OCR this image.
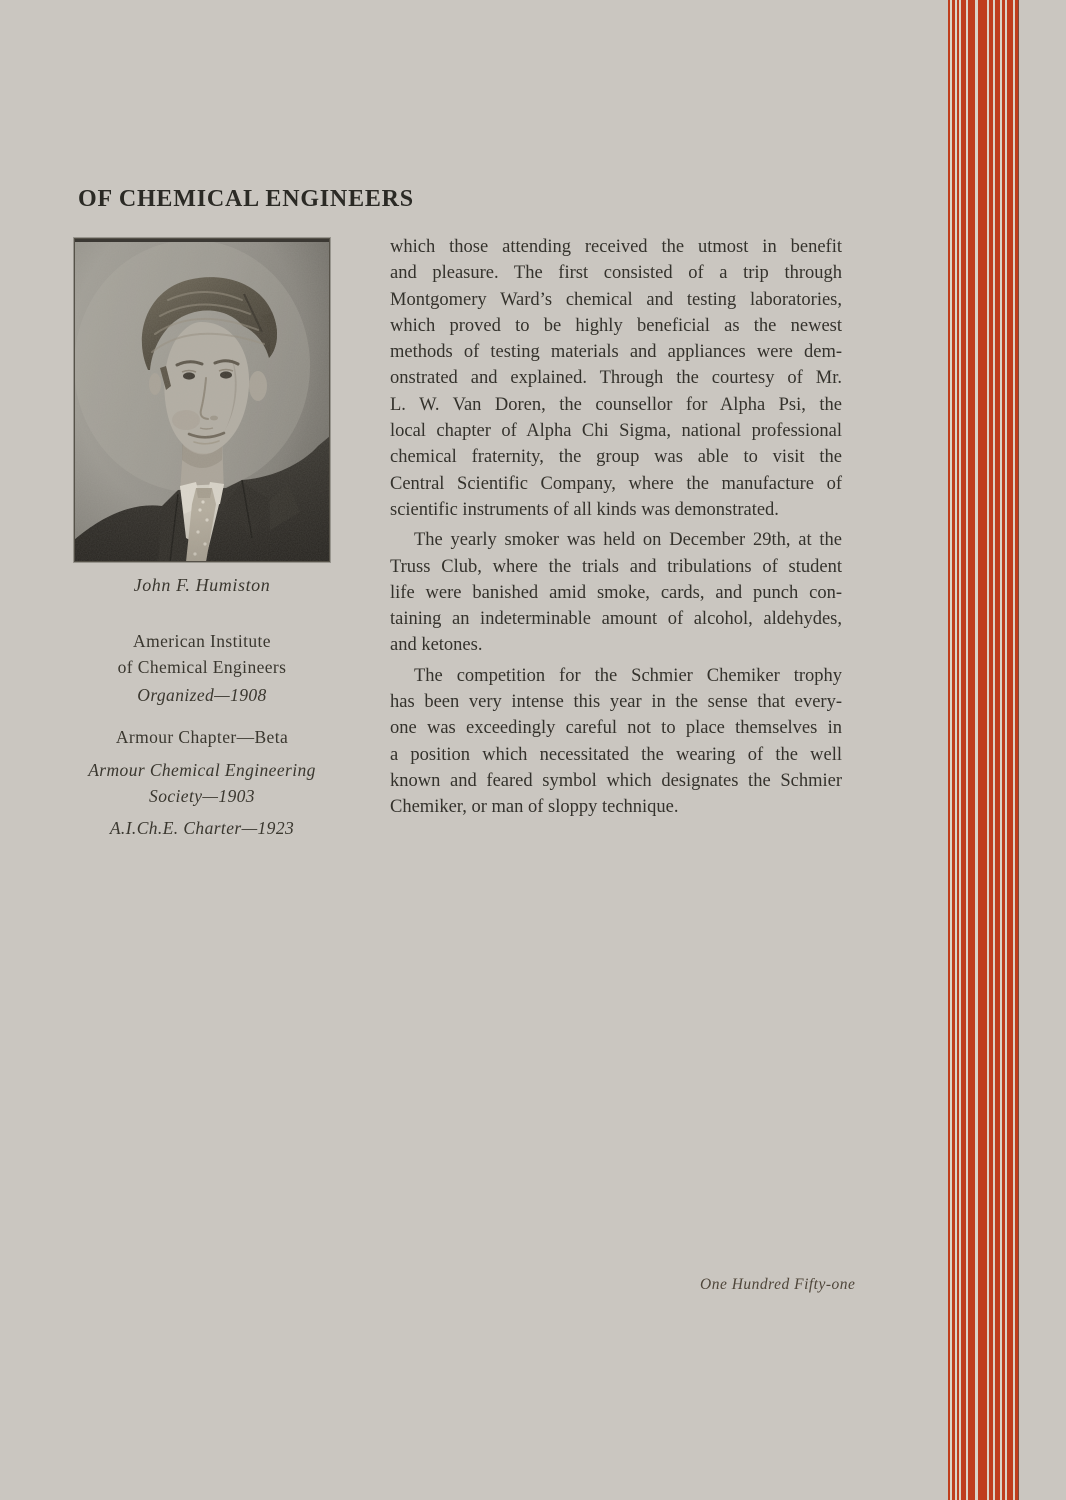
OF CHEMICAL ENGINEERS
John F. Humiston
American Institute
of Chemical Engineers
Organized—1908
Armour Chapter—Beta
Armour Chemical Engineering
Society—1903
A.I.Ch.E. Charter—1923
which those attending received the utmost in benefit
and pleasure. The first consisted of a trip through
Montgomery Ward’s chemical and testing laboratories,
which proved to be highly beneficial as the newest
methods of testing materials and appliances were dem-
onstrated and explained. Through the courtesy of Mr.
L. W. Van Doren, the counsellor for Alpha Psi, the
local chapter of Alpha Chi Sigma, national professional
chemical fraternity, the group was able to visit the
Central Scientific Company, where the manufacture of
scientific instruments of all kinds was demonstrated.
The yearly smoker was held on December 29th, at the
Truss Club, where the trials and tribulations of student
life were banished amid smoke, cards, and punch con-
taining an indeterminable amount of alcohol, aldehydes,
and ketones.
The competition for the Schmier Chemiker trophy
has been very intense this year in the sense that every-
one was exceedingly careful not to place themselves in
a position which necessitated the wearing of the well
known and feared symbol which designates the Schmier
Chemiker, or man of sloppy technique.
One Hundred Fifty-one
